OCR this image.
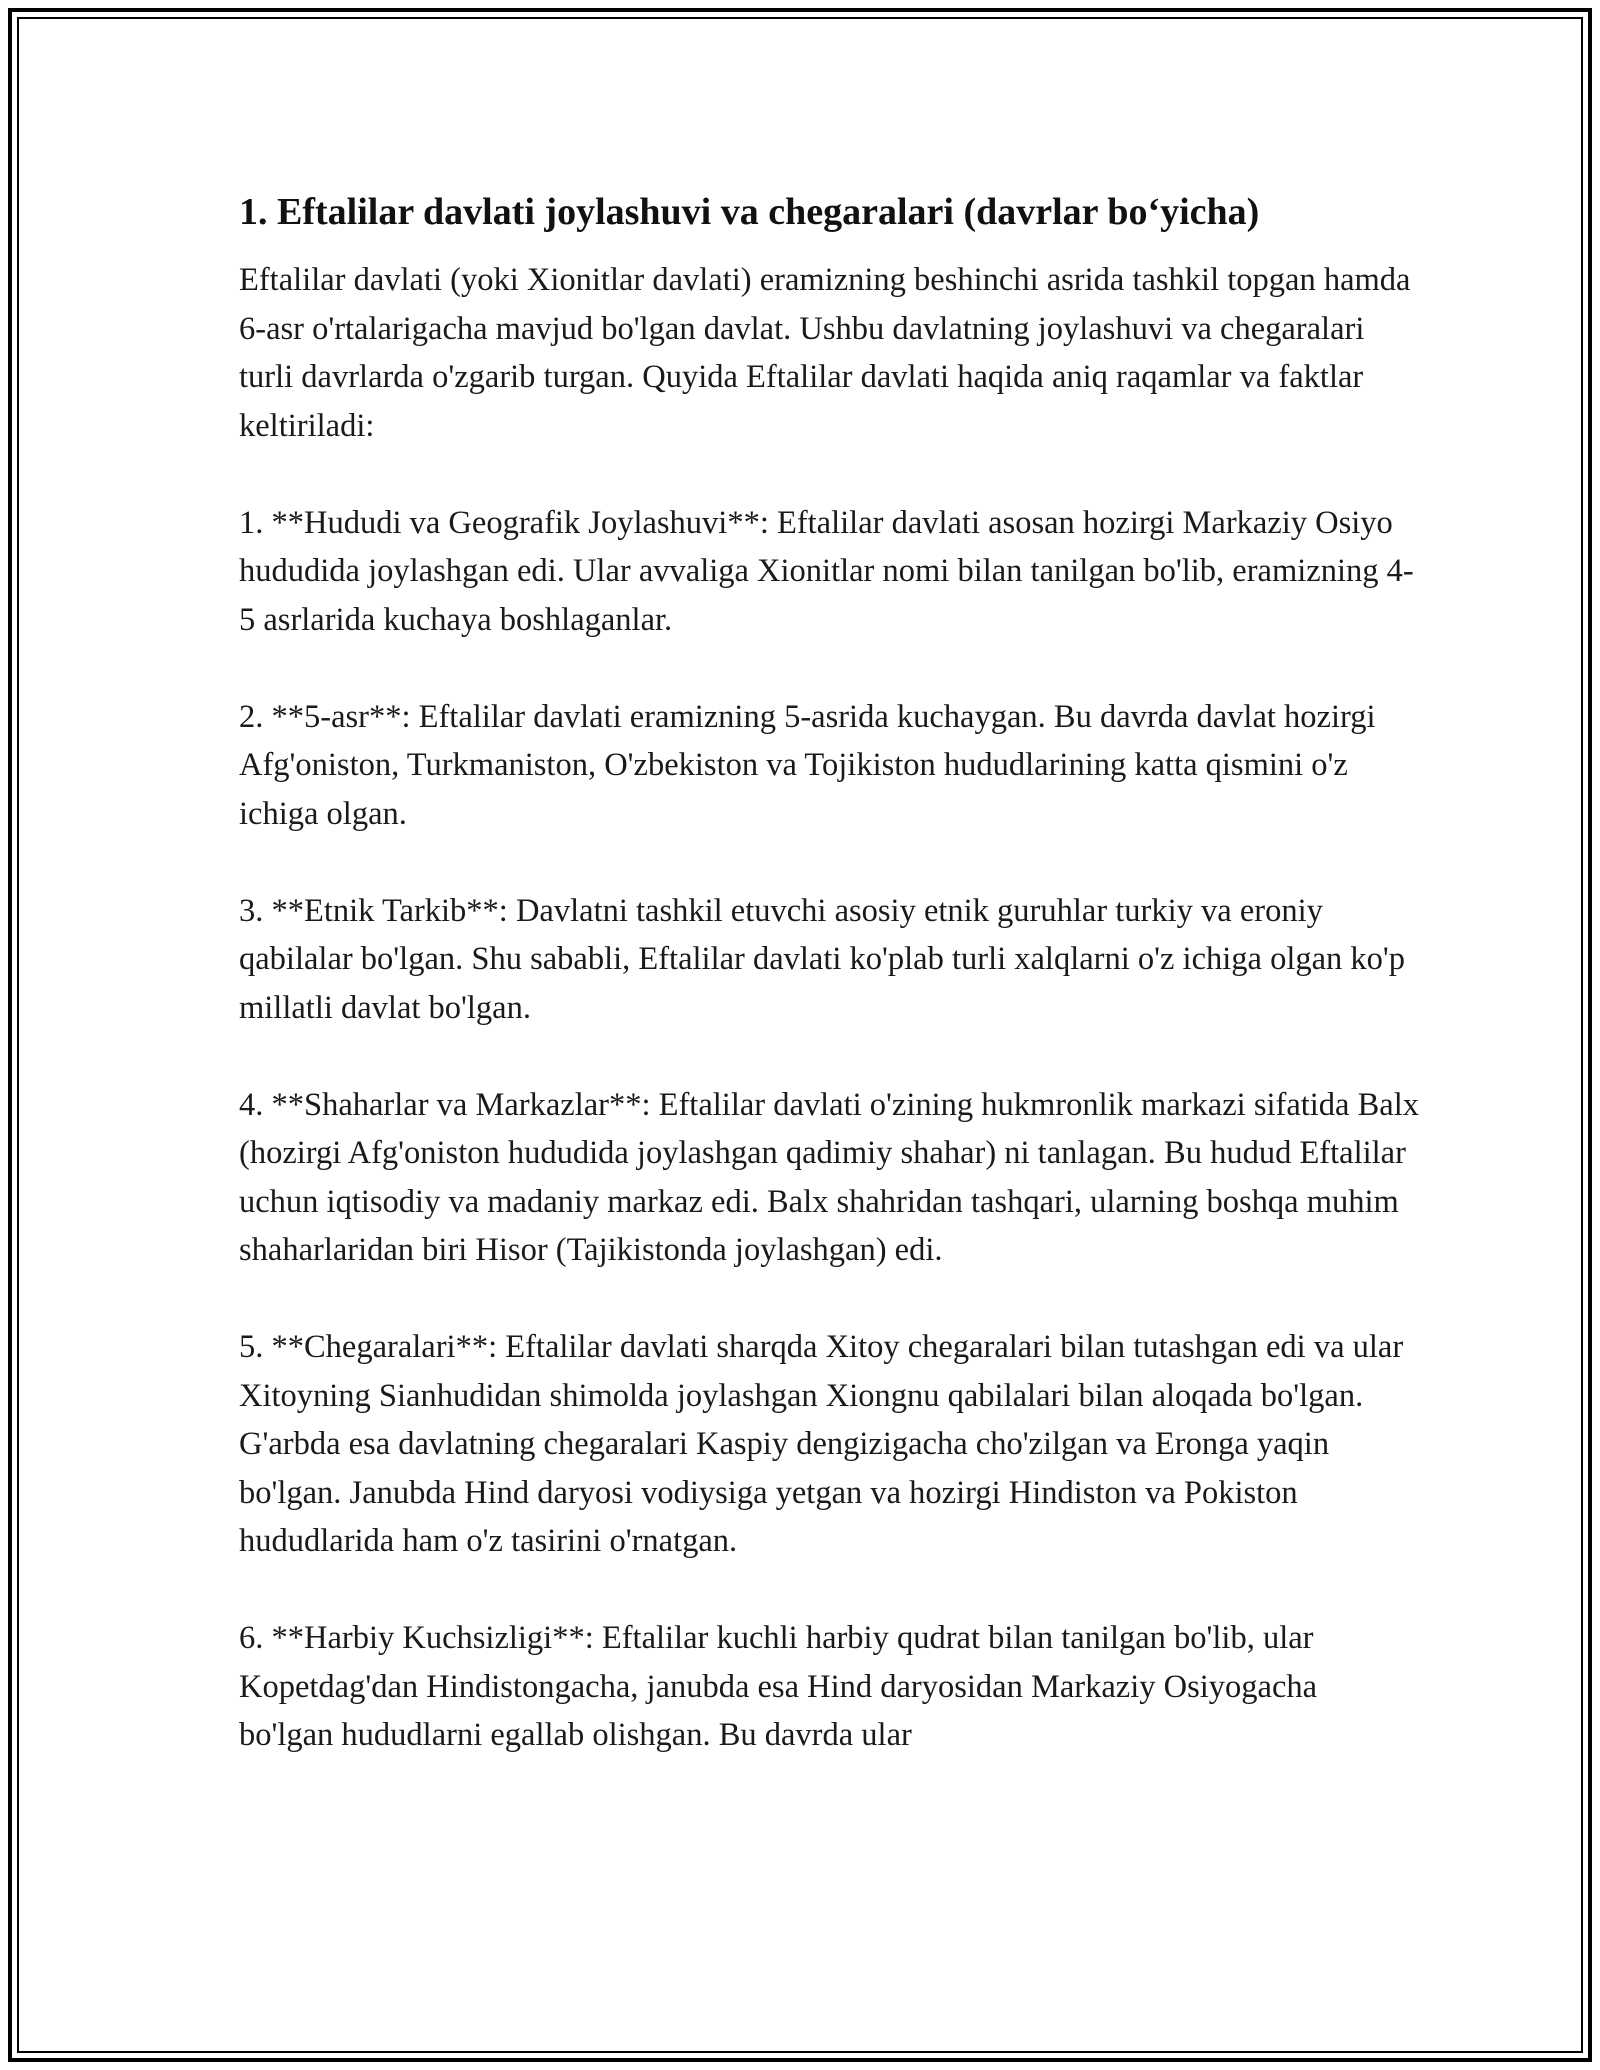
1. Eftalilar davlati joylashuvi va chegaralari (davrlar bo‘yicha)

Eftalilar davlati (yoki Xionitlar davlati) eramizning beshinchi asrida tashkil topgan hamda 6-asr o'rtalarigacha mavjud bo'lgan davlat. Ushbu davlatning joylashuvi va chegaralari turli davrlarda o'zgarib turgan. Quyida Eftalilar davlati haqida aniq raqamlar va faktlar keltiriladi:

1. **Hududi va Geografik Joylashuvi**: Eftalilar davlati asosan hozirgi Markaziy Osiyo hududida joylashgan edi. Ular avvaliga Xionitlar nomi bilan tanilgan bo'lib, eramizning 4-5 asrlarida kuchaya boshlaganlar.

2. **5-asr**: Eftalilar davlati eramizning 5-asrida kuchaygan. Bu davrda davlat hozirgi Afg'oniston, Turkmaniston, O'zbekiston va Tojikiston hududlarining katta qismini o'z ichiga olgan.

3. **Etnik Tarkib**: Davlatni tashkil etuvchi asosiy etnik guruhlar turkiy va eroniy qabilalar bo'lgan. Shu sababli, Eftalilar davlati ko'plab turli xalqlarni o'z ichiga olgan ko'p millatli davlat bo'lgan.

4. **Shaharlar va Markazlar**: Eftalilar davlati o'zining hukmronlik markazi sifatida Balx (hozirgi Afg'oniston hududida joylashgan qadimiy shahar) ni tanlagan. Bu hudud Eftalilar uchun iqtisodiy va madaniy markaz edi. Balx shahridan tashqari, ularning boshqa muhim shaharlaridan biri Hisor (Tajikistonda joylashgan) edi.

5. **Chegaralari**: Eftalilar davlati sharqda Xitoy chegaralari bilan tutashgan edi va ular Xitoyning Sianhudidan shimolda joylashgan Xiongnu qabilalari bilan aloqada bo'lgan. G'arbda esa davlatning chegaralari Kaspiy dengizigacha cho'zilgan va Eronga yaqin bo'lgan. Janubda Hind daryosi vodiysiga yetgan va hozirgi Hindiston va Pokiston hududlarida ham o'z tasirini o'rnatgan.

6. **Harbiy Kuchsizligi**: Eftalilar kuchli harbiy qudrat bilan tanilgan bo'lib, ular Kopetdag'dan Hindistongacha, janubda esa Hind daryosidan Markaziy Osiyogacha bo'lgan hududlarni egallab olishgan. Bu davrda ular
